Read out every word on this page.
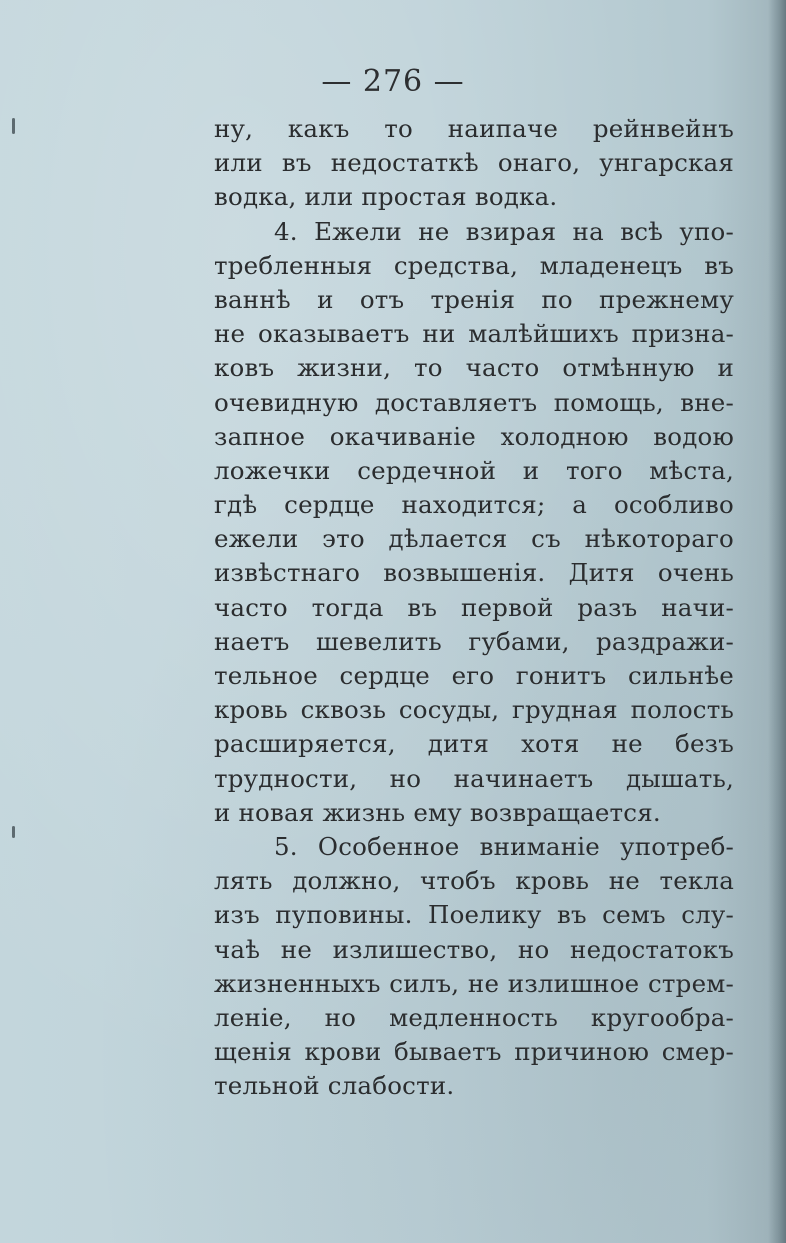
— 276 —
ну, какъ то наипаче рейнвейнъ
или въ недостаткѣ онаго, унгарская
водка, или простая водка.
4. Ежели не взирая на всѣ упо-
требленныя средства, младенецъ въ
ваннѣ и отъ тренія по прежнему
не оказываетъ ни малѣйшихъ призна-
ковъ жизни, то часто отмѣнную и
очевидную доставляетъ помощь, вне-
запное окачиваніе холодною водою
ложечки сердечной и того мѣста,
гдѣ сердце находится; а особливо
ежели это дѣлается съ нѣкотораго
извѣстнаго возвышенія. Дитя очень
часто тогда въ первой разъ начи-
наетъ шевелить губами, раздражи-
тельное сердце его гонитъ сильнѣе
кровь сквозь сосуды, грудная полость
расширяется, дитя хотя не безъ
трудности, но начинаетъ дышать,
и новая жизнь ему возвращается.
5. Особенное вниманіе употреб-
лять должно, чтобъ кровь не текла
изъ пуповины. Поелику въ семъ слу-
чаѣ не излишество, но недостатокъ
жизненныхъ силъ, не излишное стрем-
леніе, но медленность кругообра-
щенія крови бываетъ причиною смер-
тельной слабости.
